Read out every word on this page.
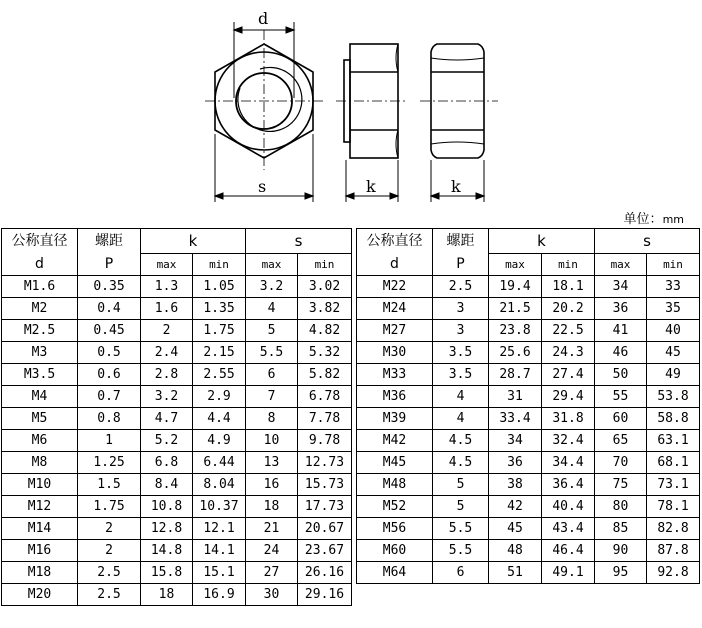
d
s	k	k
单位：mm
公称直径	螺距	k		s	
d	P	max	min	max	min
M1.6	0.35	1.3	1.05	3.2	3.02
M2	0.4	1.6	1.35	4	3.82
M2.5	0.45	2	1.75	5	4.82
M3	0.5	2.4	2.15	5.5	5.32
M3.5	0.6	2.8	2.55	6	5.82
M4	0.7	3.2	2.9	7	6.78
M5	0.8	4.7	4.4	8	7.78
M6	1	5.2	4.9	10	9.78
M8	1.25	6.8	6.44	13	12.73
M10	1.5	8.4	8.04	16	15.73
M12	1.75	10.8	10.37	18	17.73
M14	2	12.8	12.1	21	20.67
M16	2	14.8	14.1	24	23.67
M18	2.5	15.8	15.1	27	26.16
M20	2.5	18	16.9	30	29.16
公称直径	螺距	k		s	
d	P	max	min	max	min
M22	2.5	19.4	18.1	34	33
M24	3	21.5	20.2	36	35
M27	3	23.8	22.5	41	40
M30	3.5	25.6	24.3	46	45
M33	3.5	28.7	27.4	50	49
M36	4	31	29.4	55	53.8
M39	4	33.4	31.8	60	58.8
M42	4.5	34	32.4	65	63.1
M45	4.5	36	34.4	70	68.1
M48	5	38	36.4	75	73.1
M52	5	42	40.4	80	78.1
M56	5.5	45	43.4	85	82.8
M60	5.5	48	46.4	90	87.8
M64	6	51	49.1	95	92.8
